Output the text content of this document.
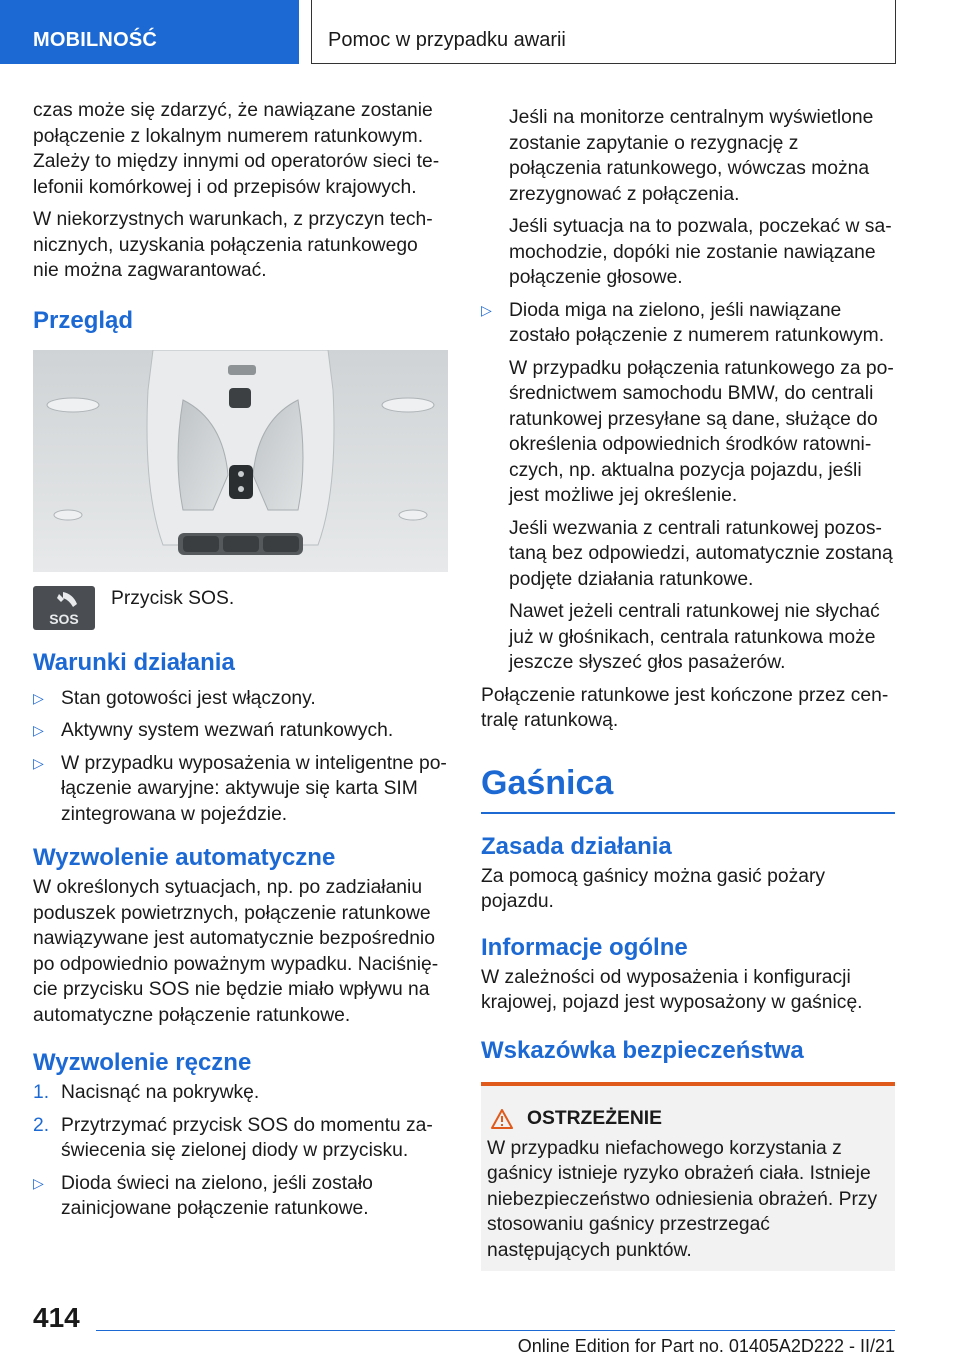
MOBILNOŚĆ	Pomoc w przypadku awarii

czas może się zdarzyć, że nawiązane zostanie połączenie z lokalnym numerem ratunkowym. Zależy to między innymi od operatorów sieci telefonii komórkowej i od przepisów krajowych.

W niekorzystnych warunkach, z przyczyn technicznych, uzyskania połączenia ratunkowego nie można zagwarantować.

Przegląd
SOS
Przycisk SOS.
Warunki działania
▷ Stan gotowości jest włączony.
▷ Aktywny system wezwań ratunkowych.
▷ W przypadku wyposażenia w inteligentne połączenie awaryjne: aktywuje się karta SIM zintegrowana w pojeździe.
Wyzwolenie automatyczne

W określonych sytuacjach, np. po zadziałaniu poduszek powietrznych, połączenie ratunkowe nawiązywane jest automatycznie bezpośrednio po odpowiednio poważnym wypadku. Naciśnięcie przycisku SOS nie będzie miało wpływu na automatyczne połączenie ratunkowe.

Wyzwolenie ręczne
1. Nacisnąć na pokrywkę.
2. Przytrzymać przycisk SOS do momentu zaświecenia się zielonej diody w przycisku.
▷ Dioda świeci na zielono, jeśli zostało zainicjowane połączenie ratunkowe.

Jeśli na monitorze centralnym wyświetlone zostanie zapytanie o rezygnację z połączenia ratunkowego, wówczas można zrezygnować z połączenia.

Jeśli sytuacja na to pozwala, poczekać w samochodzie, dopóki nie zostanie nawiązane połączenie głosowe.

▷ Dioda miga na zielono, jeśli nawiązane zostało połączenie z numerem ratunkowym.

W przypadku połączenia ratunkowego za pośrednictwem samochodu BMW, do centrali ratunkowej przesyłane są dane, służące do określenia odpowiednich środków ratowniczych, np. aktualna pozycja pojazdu, jeśli jest możliwe jej określenie.

Jeśli wezwania z centrali ratunkowej pozostaną bez odpowiedzi, automatycznie zostaną podjęte działania ratunkowe.

Nawet jeżeli centrali ratunkowej nie słychać już w głośnikach, centrala ratunkowa może jeszcze słyszeć głos pasażerów.

Połączenie ratunkowe jest kończone przez centralę ratunkową.

Gaśnica
Zasada działania

Za pomocą gaśnicy można gasić pożary pojazdu.

Informacje ogólne

W zależności od wyposażenia i konfiguracji krajowej, pojazd jest wyposażony w gaśnicę.

Wskazówka bezpieczeństwa
OSTRZEŻENIE

W przypadku niefachowego korzystania z gaśnicy istnieje ryzyko obrażeń ciała. Istnieje niebezpieczeństwo odniesienia obrażeń. Przy stosowaniu gaśnicy przestrzegać następujących punktów.

414
Online Edition for Part no. 01405A2D222 - II/21
